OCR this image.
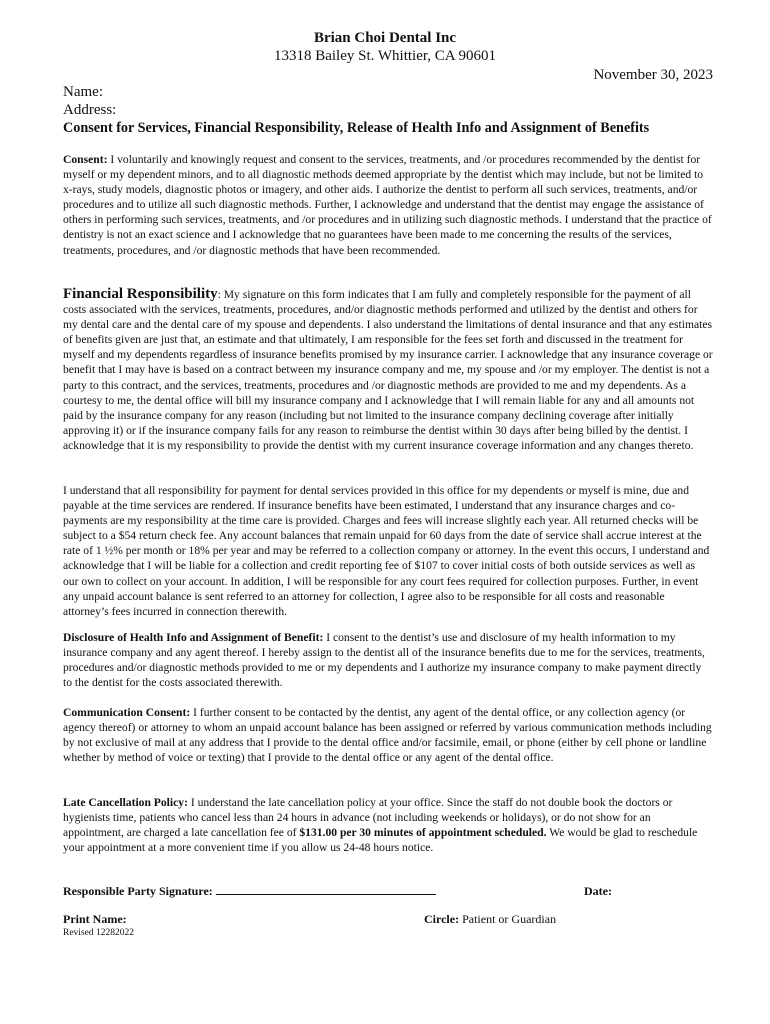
Brian Choi Dental Inc
13318 Bailey St. Whittier, CA 90601
November 30, 2023
Name:
Address:
Consent for Services, Financial Responsibility, Release of Health Info and Assignment of Benefits

Consent: I voluntarily and knowingly request and consent to the services, treatments, and /or procedures recommended by the dentist for myself or my dependent minors, and to all diagnostic methods deemed appropriate by the dentist which may include, but not be limited to x-rays, study models, diagnostic photos or imagery, and other aids. I authorize the dentist to perform all such services, treatments, and/or procedures and to utilize all such diagnostic methods. Further, I acknowledge and understand that the dentist may engage the assistance of others in performing such services, treatments, and /or procedures and in utilizing such diagnostic methods. I understand that the practice of dentistry is not an exact science and I acknowledge that no guarantees have been made to me concerning the results of the services, treatments, procedures, and /or diagnostic methods that have been recommended.

Financial Responsibility: My signature on this form indicates that I am fully and completely responsible for the payment of all costs associated with the services, treatments, procedures, and/or diagnostic methods performed and utilized by the dentist and others for my dental care and the dental care of my spouse and dependents. I also understand the limitations of dental insurance and that any estimates of benefits given are just that, an estimate and that ultimately, I am responsible for the fees set forth and discussed in the treatment for myself and my dependents regardless of insurance benefits promised by my insurance carrier. I acknowledge that any insurance coverage or benefit that I may have is based on a contract between my insurance company and me, my spouse and /or my employer. The dentist is not a party to this contract, and the services, treatments, procedures and /or diagnostic methods are provided to me and my dependents. As a courtesy to me, the dental office will bill my insurance company and I acknowledge that I will remain liable for any and all amounts not paid by the insurance company for any reason (including but not limited to the insurance company declining coverage after initially approving it) or if the insurance company fails for any reason to reimburse the dentist within 30 days after being billed by the dentist. I acknowledge that it is my responsibility to provide the dentist with my current insurance coverage information and any changes thereto.

I understand that all responsibility for payment for dental services provided in this office for my dependents or myself is mine, due and payable at the time services are rendered. If insurance benefits have been estimated, I understand that any insurance charges and co-payments are my responsibility at the time care is provided. Charges and fees will increase slightly each year. All returned checks will be subject to a $54 return check fee. Any account balances that remain unpaid for 60 days from the date of service shall accrue interest at the rate of 1 ½% per month or 18% per year and may be referred to a collection company or attorney. In the event this occurs, I understand and acknowledge that I will be liable for a collection and credit reporting fee of $107 to cover initial costs of both outside services as well as our own to collect on your account. In addition, I will be responsible for any court fees required for collection purposes. Further, in event any unpaid account balance is sent referred to an attorney for collection, I agree also to be responsible for all costs and reasonable attorney’s fees incurred in connection therewith.

Disclosure of Health Info and Assignment of Benefit: I consent to the dentist’s use and disclosure of my health information to my insurance company and any agent thereof. I hereby assign to the dentist all of the insurance benefits due to me for the services, treatments, procedures and/or diagnostic methods provided to me or my dependents and I authorize my insurance company to make payment directly to the dentist for the costs associated therewith.

Communication Consent: I further consent to be contacted by the dentist, any agent of the dental office, or any collection agency (or agency thereof) or attorney to whom an unpaid account balance has been assigned or referred by various communication methods including by not exclusive of mail at any address that I provide to the dental office and/or facsimile, email, or phone (either by cell phone or landline whether by method of voice or texting) that I provide to the dental office or any agent of the dental office.

Late Cancellation Policy: I understand the late cancellation policy at your office. Since the staff do not double book the doctors or hygienists time, patients who cancel less than 24 hours in advance (not including weekends or holidays), or do not show for an appointment, are charged a late cancellation fee of $131.00 per 30 minutes of appointment scheduled. We would be glad to reschedule your appointment at a more convenient time if you allow us 24-48 hours notice.

Responsible Party Signature:	Date:
Print Name:	Circle: Patient or Guardian
Revised 12282022
